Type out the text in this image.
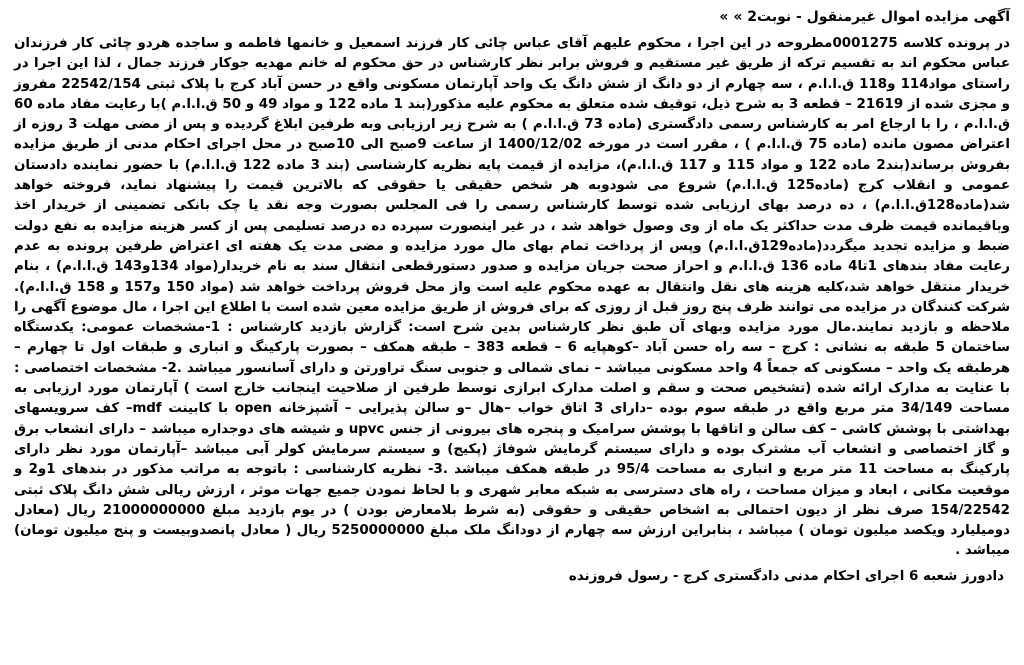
آگهی مزایده اموال غیرمنقول - نوبت2 » »

در پرونده کلاسه 0001275مطروحه در این اجرا ، محکوم علیهم آقای عباس چائی کار فرزند اسمعیل و خانمها فاطمه و ساجده هردو چائی کار فرزندان عباس محکوم اند به تقسیم ترکه از طریق غیر مستقیم و فروش برابر نظر کارشناس در حق محکوم له خانم مهدیه جوکار فرزند جمال ، لذا این اجرا در راستای مواد114 و118 ق.ا.ا.م ، سه چهارم از دو دانگ از شش دانگ یک واحد آپارتمان مسکونی واقع در حسن آباد کرج با پلاک ثبتی 22542/154 مفروز و مجزی شده از 21619 – قطعه 3 به شرح ذیل، توقیف شده متعلق به محکوم علیه مذکور(بند 1 ماده 122 و مواد 49 و 50 ق.ا.ا.م )با رعایت مفاد ماده 60 ق.ا.ا.م ، را با ارجاع امر به کارشناس رسمی دادگستری (ماده 73 ق.ا.ا.م ) به شرح زیر ارزیابی وبه طرفین ابلاغ گردیده و پس از مضی مهلت 3 روزه از اعتراض مصون مانده (ماده 75 ق.ا.ا.م ) ، مقرر است در مورخه 1400/12/02 از ساعت 9صبح الی 10صبح در محل اجرای احکام مدنی از طریق مزایده بفروش برساند(بند2 ماده 122 و مواد 115 و 117 ق.ا.ا.م)، مزایده از قیمت پایه نظریه کارشناسی (بند 3 ماده 122 ق.ا.ا.م) با حضور نماینده دادستان عمومی و انقلاب کرج (ماده125 ق.ا.ا.م) شروع می شودوبه هر شخص حقیقی یا حقوقی که بالاترین قیمت را پیشنهاد نماید، فروخته خواهد شد(ماده128ق.ا.ا.م) ، ده درصد بهای ارزیابی شده توسط کارشناس رسمی را فی المجلس بصورت وجه نقد یا چک بانکی تضمینی از خریدار اخذ وباقیمانده قیمت ظرف مدت حداکثر یک ماه از وی وصول خواهد شد ، در غیر اینصورت سپرده ده درصد تسلیمی پس از کسر هزینه مزایده به نفع دولت ضبط و مزایده تجدید میگردد(ماده129ق.ا.ا.م) وپس از پرداخت تمام بهای مال مورد مزایده و مضی مدت یک هفته ای اعتراض طرفین پرونده به عدم رعایت مفاد بندهای 1تا4 ماده 136 ق.ا.ا.م و احراز صحت جریان مزایده و صدور دستورقطعی انتقال سند به نام خریدار(مواد 134و143 ق.ا.ا.م) ، بنام خریدار منتقل خواهد شد،کلیه هزینه های نقل وانتقال به عهده محکوم علیه است واز محل فروش پرداخت خواهد شد (مواد 150 و157 و 158 ق.ا.ا.م). شرکت کنندگان در مزایده می توانند ظرف پنج روز قبل از روزی که برای فروش از طریق مزایده معین شده است با اطلاع این اجرا ، مال موضوع آگهی را ملاحظه و بازدید نمایند.مال مورد مزایده وبهای آن طبق نظر کارشناس بدین شرح است: گزارش بازدید کارشناس : 1-مشخصات عمومی: یکدستگاه ساختمان 5 طبقه به نشانی : کرج – سه راه حسن آباد –کوهپایه 6 – قطعه 383 – طبقه همکف – بصورت پارکینگ و انباری و طبقات اول تا چهارم –هرطبقه یک واحد – مسکونی که جمعاً 4 واحد مسکونی میباشد – نمای شمالی و جنوبی سنگ تراورتن و دارای آسانسور میباشد .2- مشخصات اختصاصی : با عنایت به مدارک ارائه شده (تشخیص صحت و سقم و اصلت مدارک ابرازی توسط طرفین از صلاحیت اینجانب خارج است ) آپارتمان مورد ارزیابی به مساحت 34/149 متر مربع واقع در طبقه سوم بوده –دارای 3 اتاق خواب –هال –و سالن پذیرایی – آشپزخانه open با کابینت mdf– کف سرویسهای بهداشتی با پوشش کاشی – کف سالن و اتاقها با پوشش سرامیک و پنجره های بیرونی از جنس upvc و شیشه های دوجداره میباشد – دارای انشعاب برق و گاز اختصاصی و انشعاب آب مشترک بوده و دارای سیستم گرمایش شوفاژ (پکیج) و سیستم سرمایش کولر آبی میباشد –آپارتمان مورد نظر دارای پارکینگ به مساحت 11 متر مربع و انباری به مساحت 95/4 در طبقه همکف میباشد .3- نظریه کارشناسی : باتوجه به مراتب مذکور در بندهای 1و2 و موقعیت مکانی ، ابعاد و میزان مساحت ، راه های دسترسی به شبکه معابر شهری و با لحاظ نمودن جمیع جهات موثر ، ارزش ریالی شش دانگ پلاک ثبتی 154/22542 صرف نظر از دیون احتمالی به اشخاص حقیقی و حقوقی (به شرط بلامعارض بودن ) در یوم بازدید مبلغ 21000000000 ریال (معادل دومیلیارد ویکصد میلیون تومان ) میباشد ، بنابراین ارزش سه چهارم از دودانگ ملک مبلغ 5250000000 ریال ( معادل پانصدوبیست و پنج میلیون تومان) میباشد .

دادورز شعبه 6 اجرای احکام مدنی دادگستری کرج - رسول فروزنده
